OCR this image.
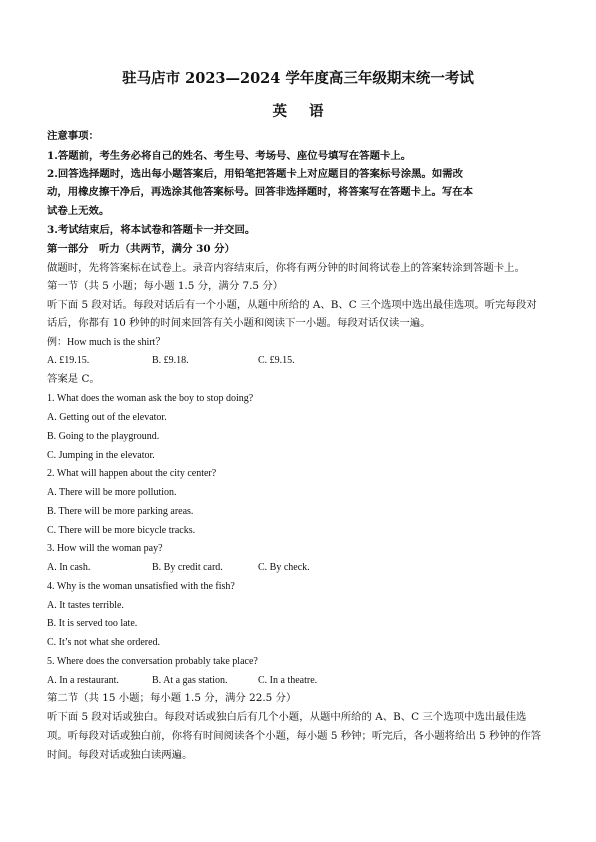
驻马店市 2023—2024 学年度高三年级期末统一考试
英语
注意事项：
1.答题前，考生务必将自己的姓名、考生号、考场号、座位号填写在答题卡上。
2.回答选择题时，选出每小题答案后，用铅笔把答题卡上对应题目的答案标号涂黑。如需改
动，用橡皮擦干净后，再选涂其他答案标号。回答非选择题时，将答案写在答题卡上。写在本
试卷上无效。
3.考试结束后，将本试卷和答题卡一并交回。
第一部分　听力（共两节，满分 30 分）
做题时，先将答案标在试卷上。录音内容结束后，你将有两分钟的时间将试卷上的答案转涂到答题卡上。
第一节（共 5 小题；每小题 1.5 分，满分 7.5 分）
听下面 5 段对话。每段对话后有一个小题，从题中所给的 A、B、C 三个选项中选出最佳选项。听完每段对
话后，你都有 10 秒钟的时间来回答有关小题和阅读下一小题。每段对话仅读一遍。
例：How much is the shirt？
A. £19.15.	B. £9.18.	C. £9.15.
答案是 C。
1. What does the woman ask the boy to stop doing?
A. Getting out of the elevator.
B. Going to the playground.
C. Jumping in the elevator.
2. What will happen about the city center?
A. There will be more pollution.
B. There will be more parking areas.
C. There will be more bicycle tracks.
3. How will the woman pay?
A. In cash.	B. By credit card.	C. By check.
4. Why is the woman unsatisfied with the fish?
A. It tastes terrible.
B. It is served too late.
C. It’s not what she ordered.
5. Where does the conversation probably take place?
A. In a restaurant.	B. At a gas station.	C. In a theatre.
第二节（共 15 小题；每小题 1.5 分，满分 22.5 分）
听下面 5 段对话或独白。每段对话或独白后有几个小题，从题中所给的 A、B、C 三个选项中选出最佳选
项。听每段对话或独白前，你将有时间阅读各个小题，每小题 5 秒钟；听完后，各小题将给出 5 秒钟的作答
时间。每段对话或独白读两遍。
